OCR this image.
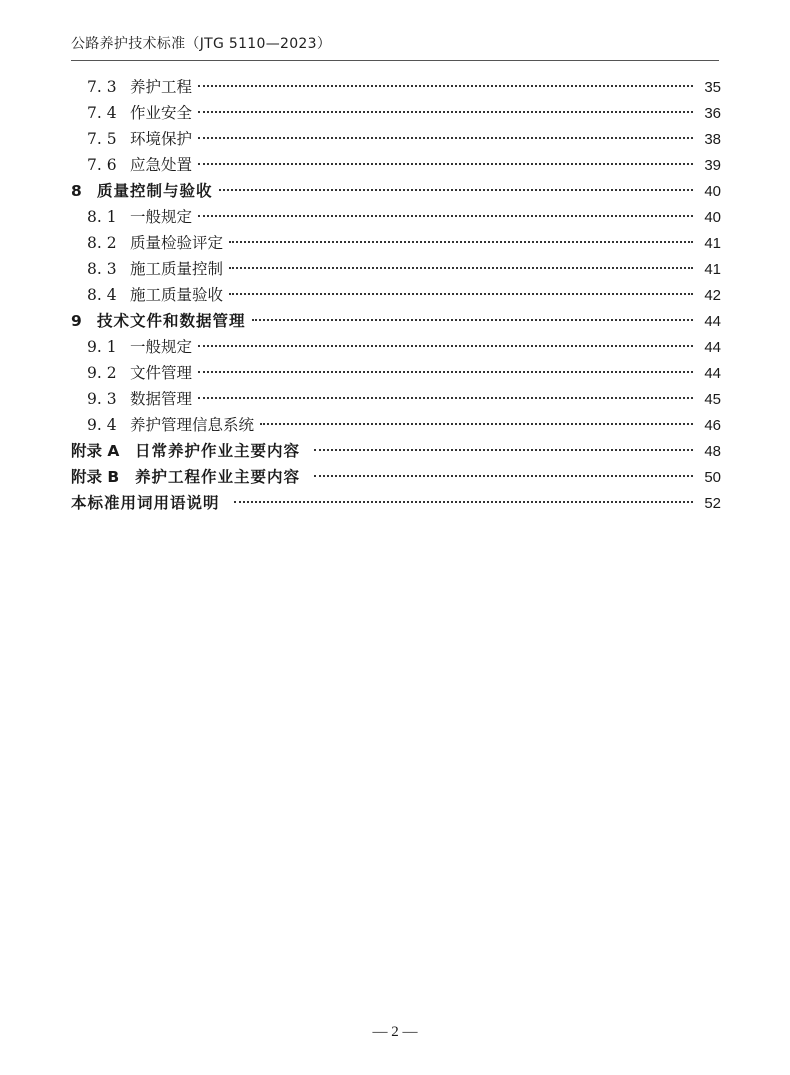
公路养护技术标准（JTG 5110—2023）
7. 3 养护工程	35
7. 4 作业安全	36
7. 5 环境保护	38
7. 6 应急处置	39
8 质量控制与验收	40
8. 1 一般规定	40
8. 2 质量检验评定	41
8. 3 施工质量控制	41
8. 4 施工质量验收	42
9 技术文件和数据管理	44
9. 1 一般规定	44
9. 2 文件管理	44
9. 3 数据管理	45
9. 4 养护管理信息系统	46
附录 A	日常养护作业主要内容	48
附录 B	养护工程作业主要内容	50
本标准用词用语说明	52
— 2 —
